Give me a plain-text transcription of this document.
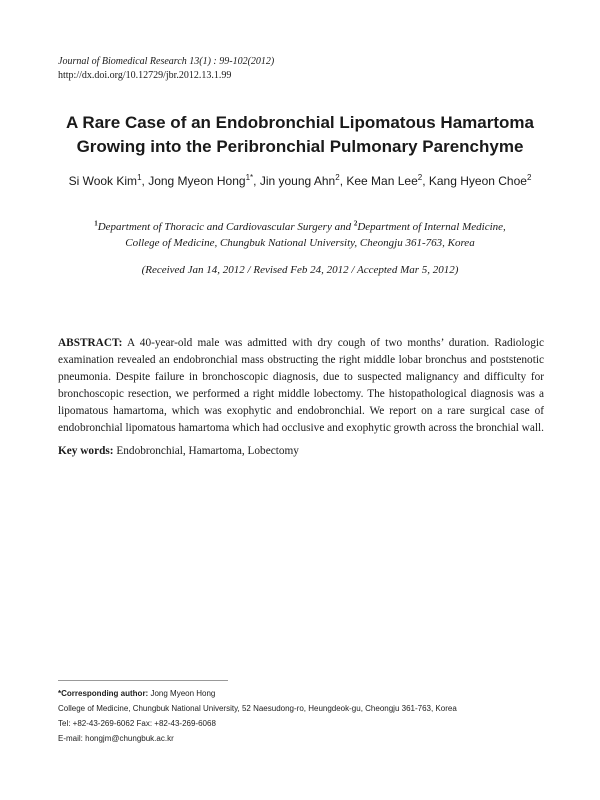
Journal of Biomedical Research 13(1) : 99-102(2012)
http://dx.doi.org/10.12729/jbr.2012.13.1.99
A Rare Case of an Endobronchial Lipomatous Hamartoma
Growing into the Peribronchial Pulmonary Parenchyme
Si Wook Kim$^1$, Jong Myeon Hong$^{1*}$, Jin young Ahn$^2$, Kee Man Lee$^2$, Kang Hyeon Choe$^2$
$^1$Department of Thoracic and Cardiovascular Surgery and $^2$Department of Internal Medicine,
College of Medicine, Chungbuk National University, Cheongju 361-763, Korea
(Received Jan 14, 2012 / Revised Feb 24, 2012 / Accepted Mar 5, 2012)
ABSTRACT: A 40-year-old male was admitted with dry cough of two months’ duration. Radiologic examination revealed an endobronchial mass obstructing the right middle lobar bronchus and poststenotic pneumonia. Despite failure in bronchoscopic diagnosis, due to suspected malignancy and difficulty for bronchoscopic resection, we performed a right middle lobectomy. The histopathological diagnosis was a lipomatous hamartoma, which was exophytic and endobronchial. We report on a rare surgical case of endobronchial lipomatous hamartoma which had occlusive and exophytic growth across the bronchial wall.
Key words: Endobronchial, Hamartoma, Lobectomy
*Corresponding author: Jong Myeon Hong
College of Medicine, Chungbuk National University, 52 Naesudong-ro, Heungdeok-gu, Cheongju 361-763, Korea
Tel: +82-43-269-6062 Fax: +82-43-269-6068
E-mail: hongjm@chungbuk.ac.kr
